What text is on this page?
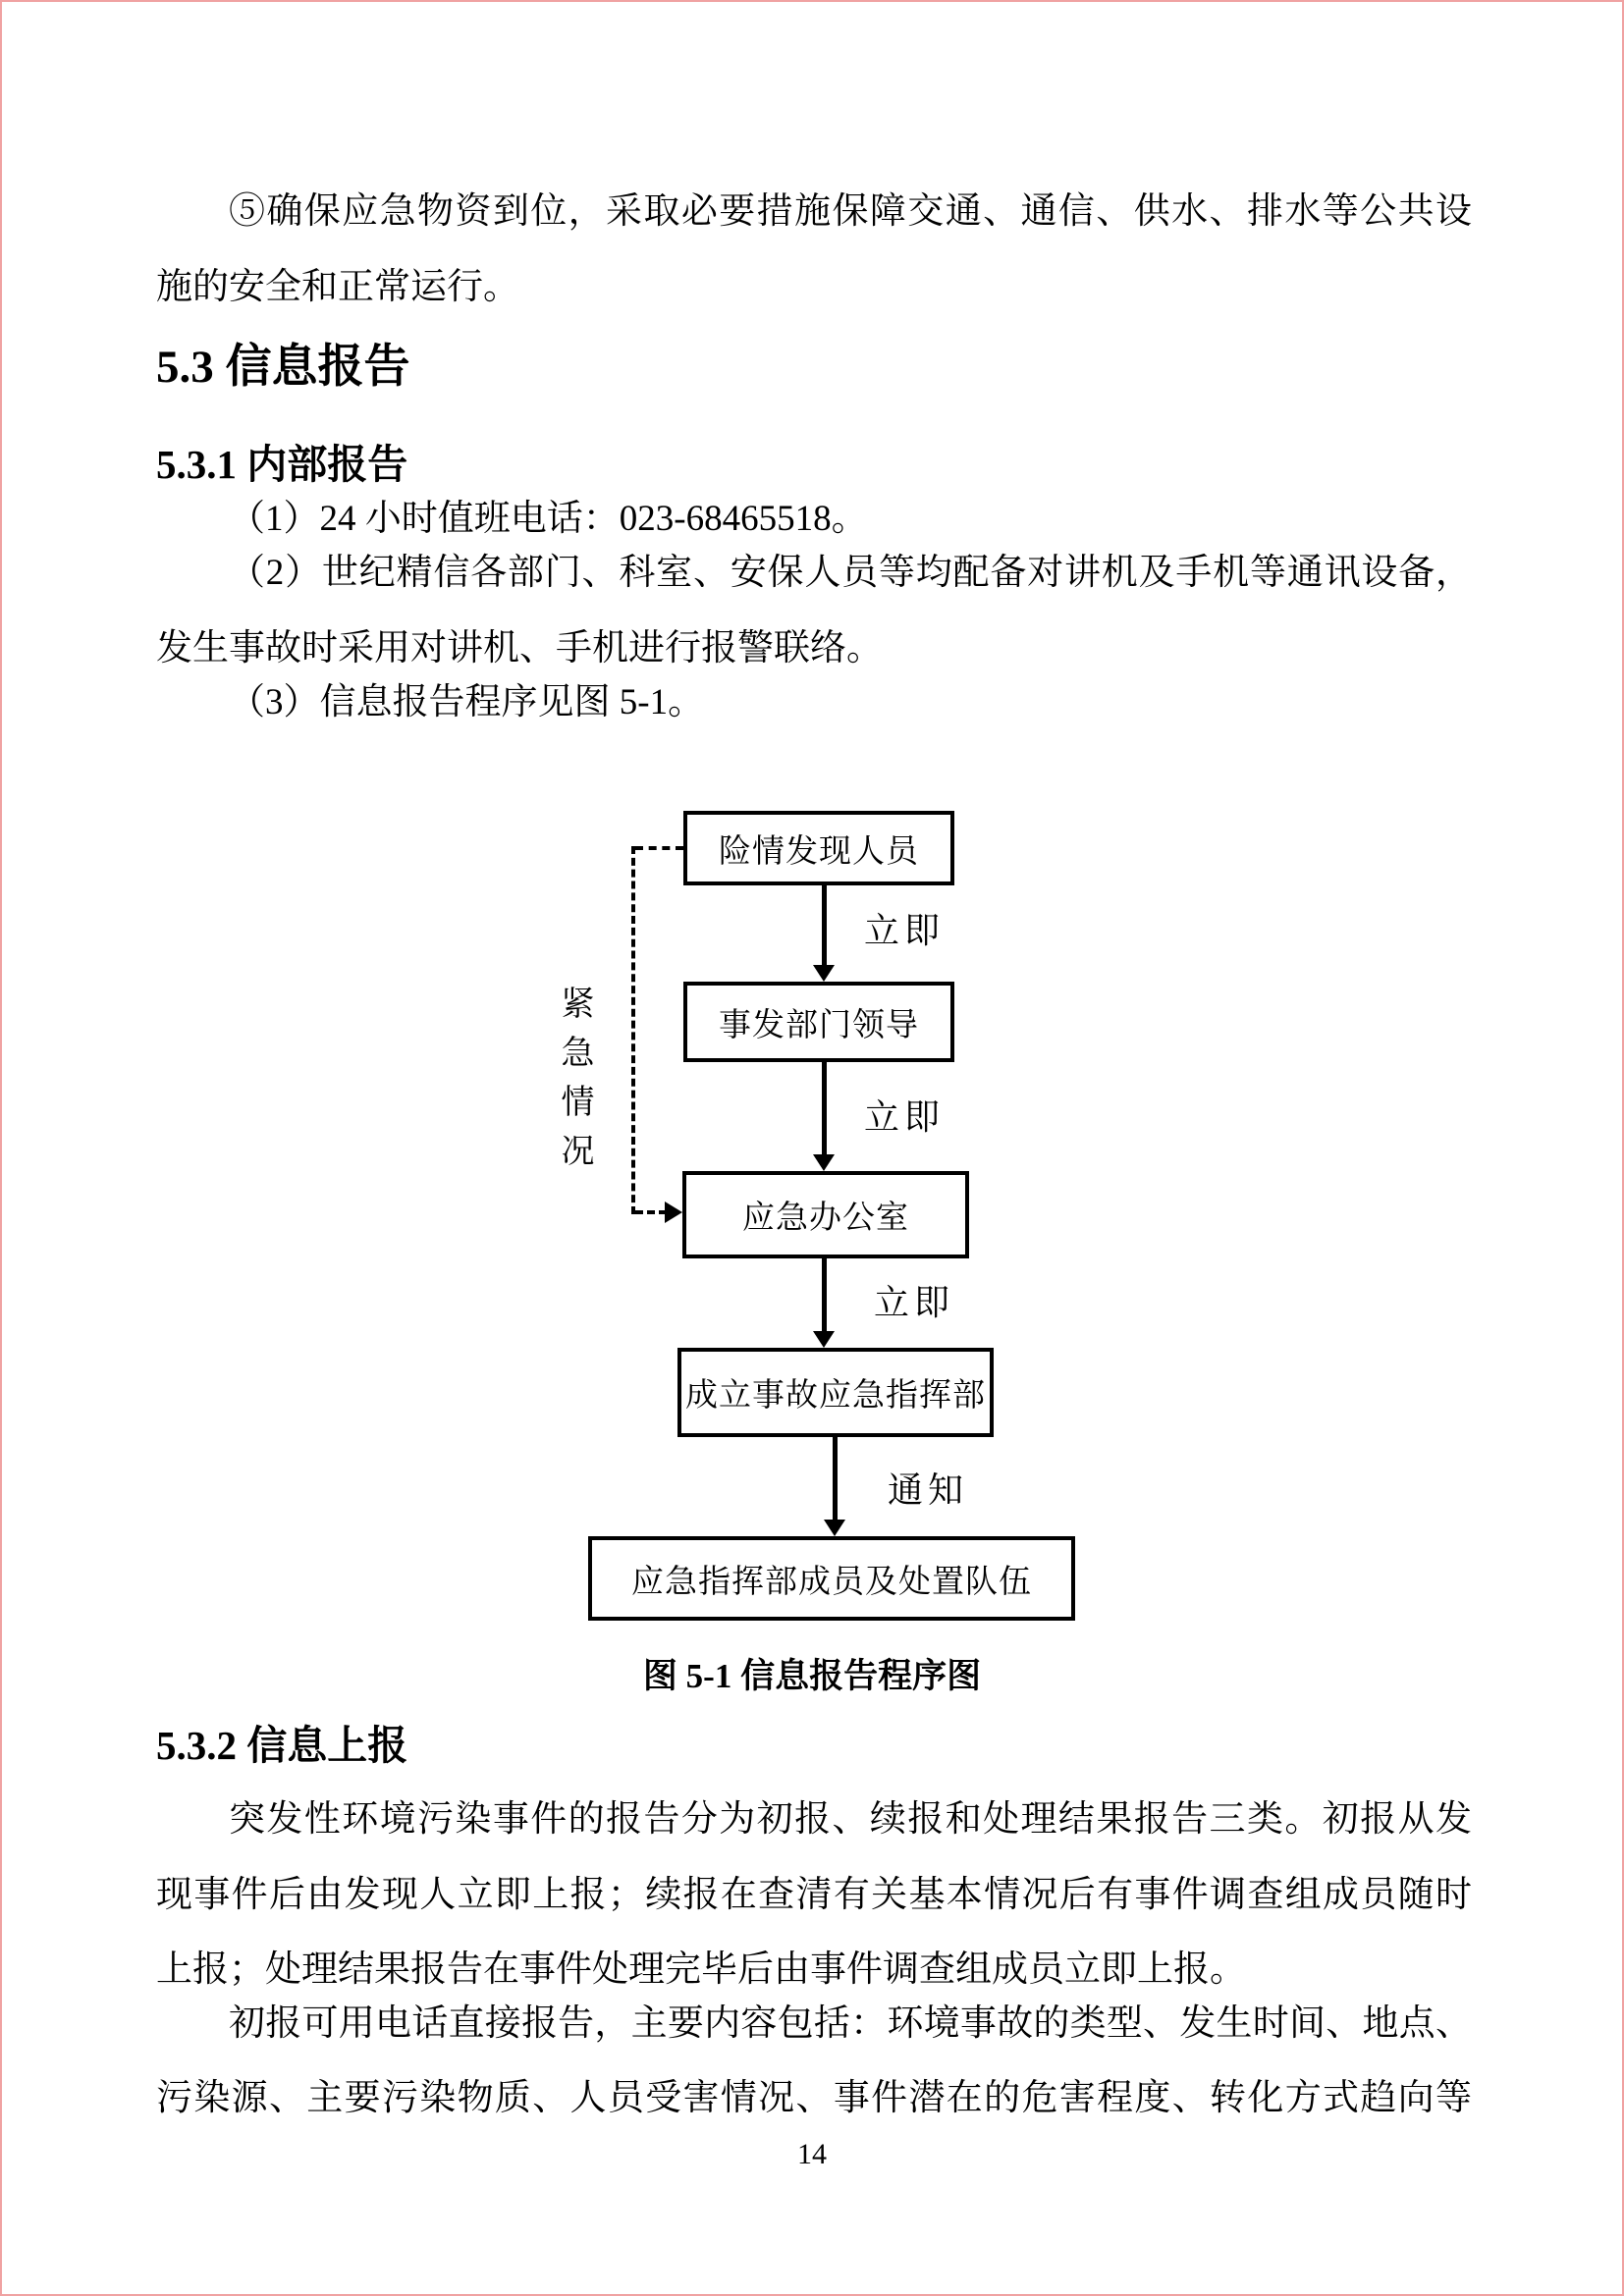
⑤确保应急物资到位，采取必要措施保障交通、通信、供水、排水等公共设
施的安全和正常运行。
5.3 信息报告
5.3.1 内部报告
（1）24 小时值班电话：023-68465518。
（2）世纪精信各部门、科室、安保人员等均配备对讲机及手机等通讯设备，
发生事故时采用对讲机、手机进行报警联络。
（3）信息报告程序见图 5-1。
险情发现人员
立即
事发部门领导
立即
应急办公室
立即
成立事故应急指挥部
通知
应急指挥部成员及处置队伍
紧急情况
图 5-1 信息报告程序图
5.3.2 信息上报
突发性环境污染事件的报告分为初报、续报和处理结果报告三类。初报从发
现事件后由发现人立即上报；续报在查清有关基本情况后有事件调查组成员随时
上报；处理结果报告在事件处理完毕后由事件调查组成员立即上报。
初报可用电话直接报告，主要内容包括：环境事故的类型、发生时间、地点、
污染源、主要污染物质、人员受害情况、事件潜在的危害程度、转化方式趋向等
14
